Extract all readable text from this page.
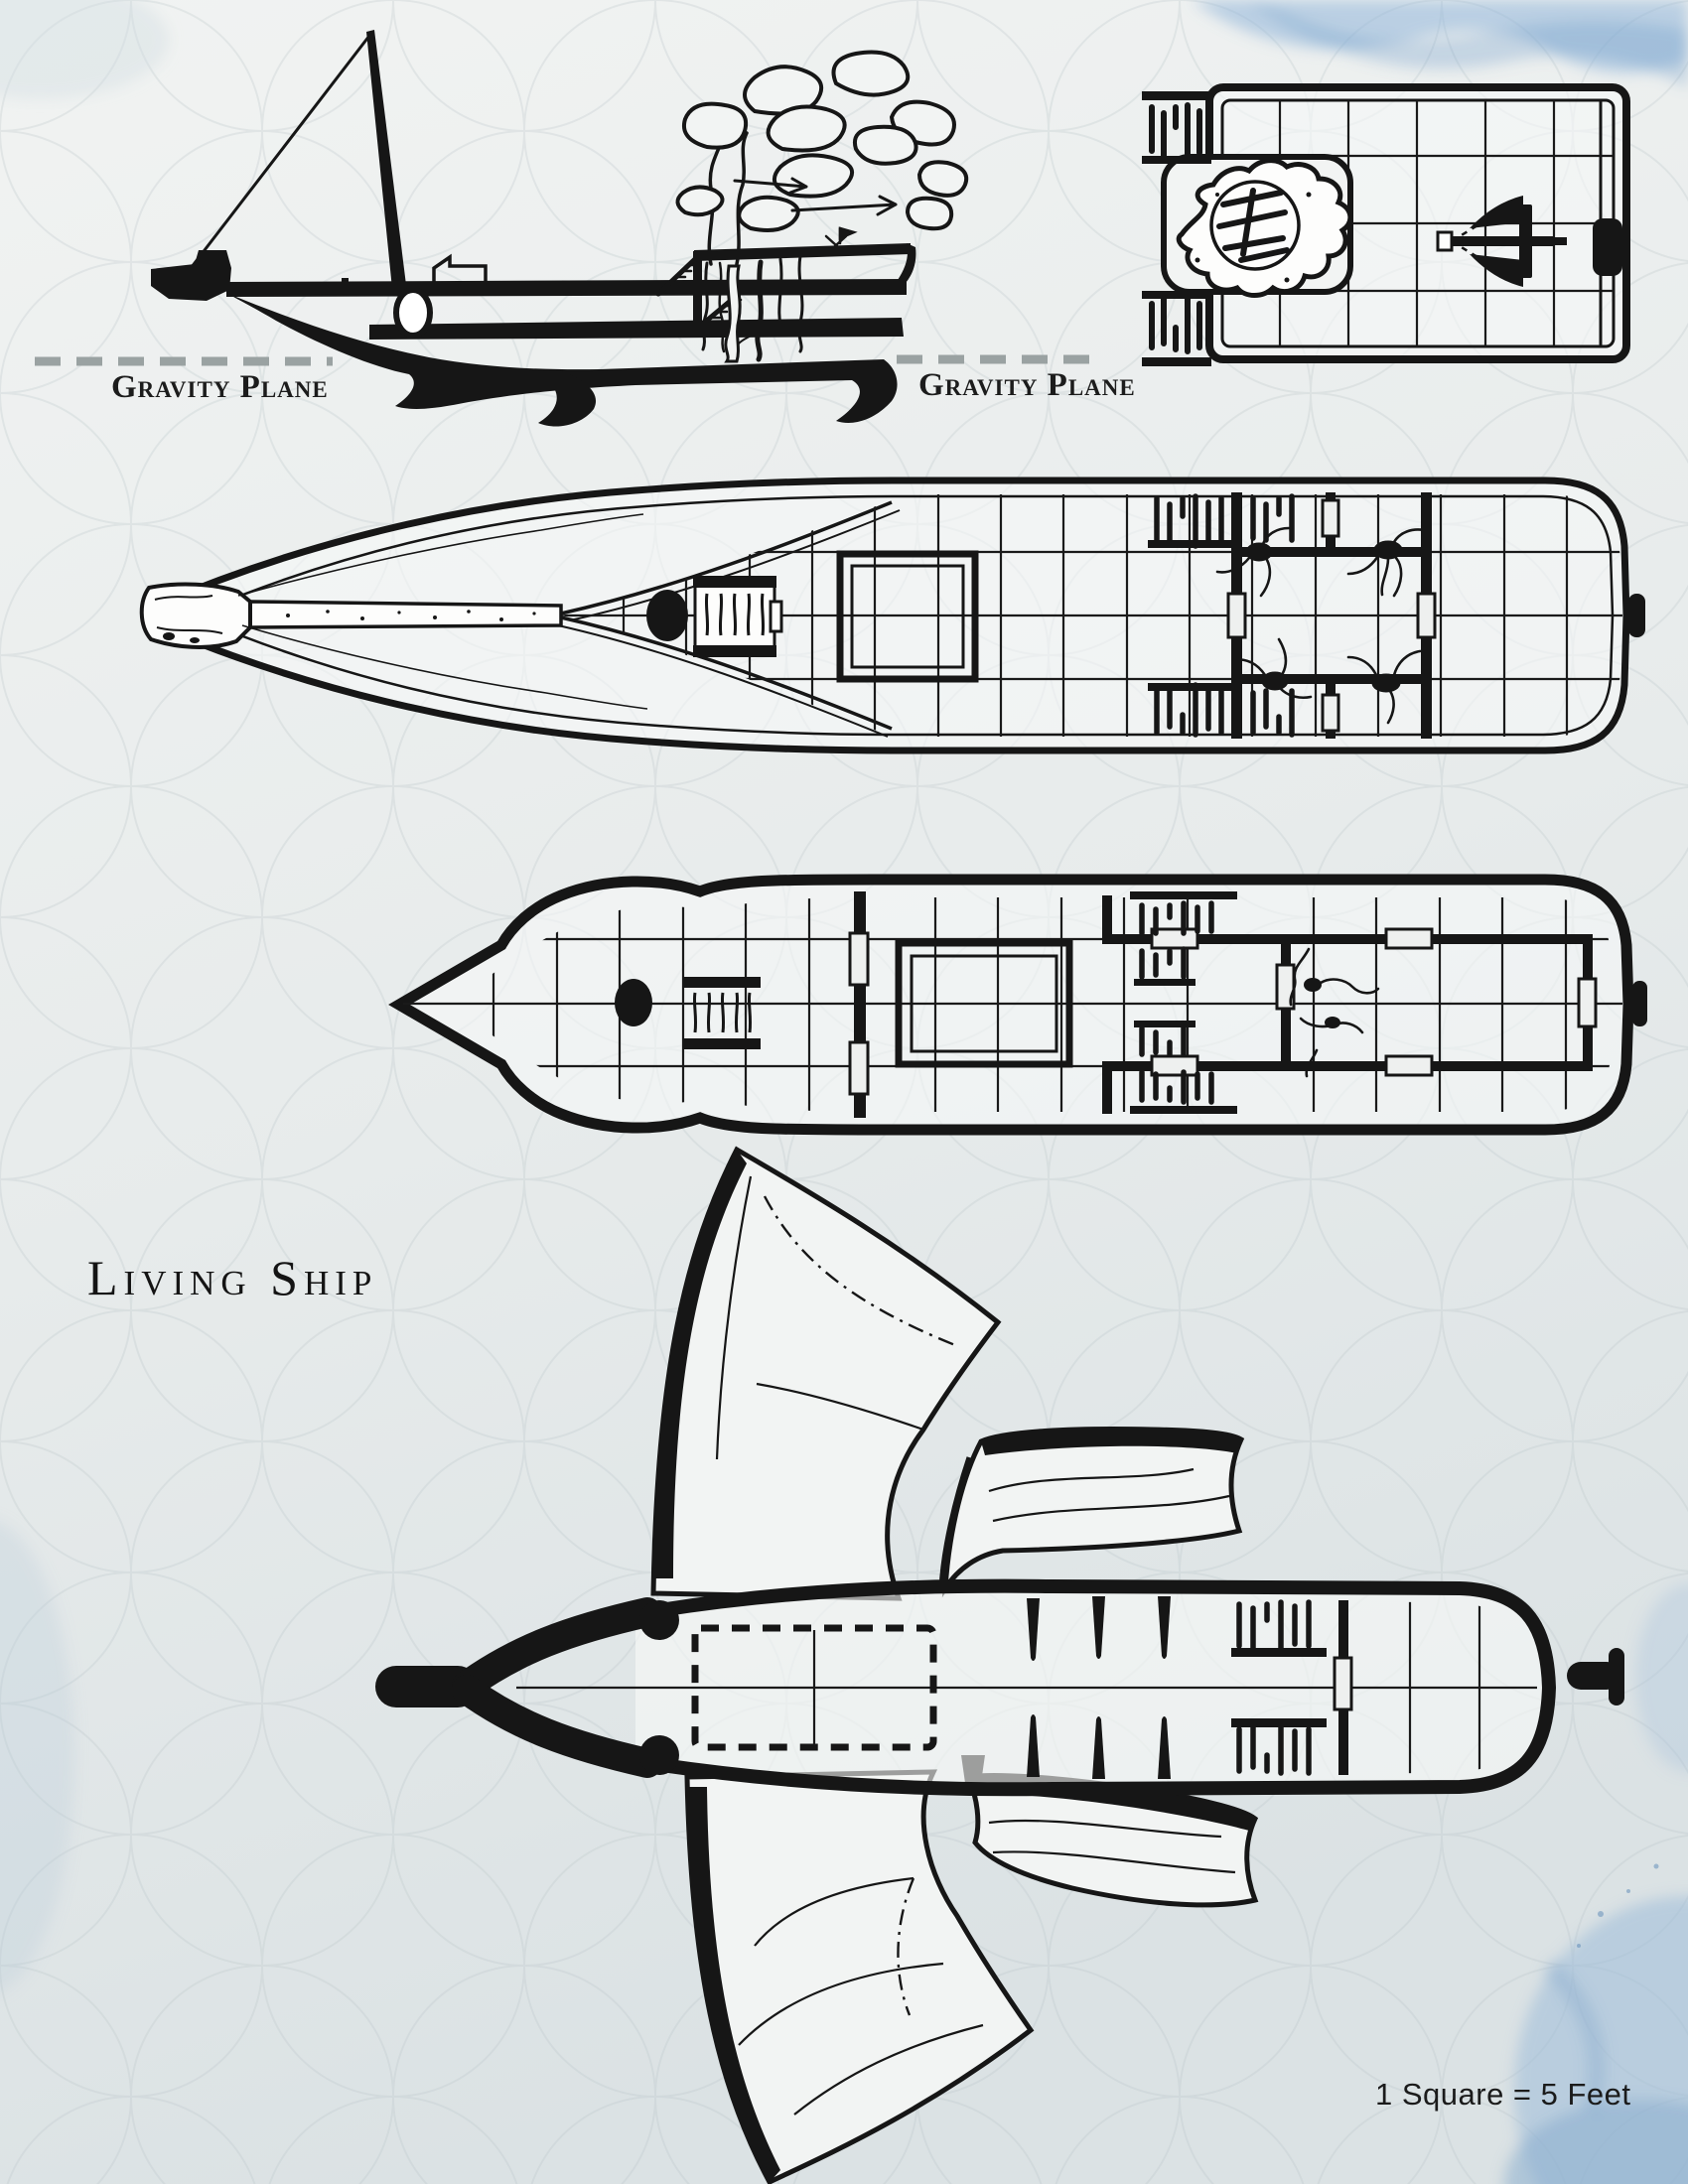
Gravity Plane	Gravity Plane
Living Ship
1 Square = 5 Feet
